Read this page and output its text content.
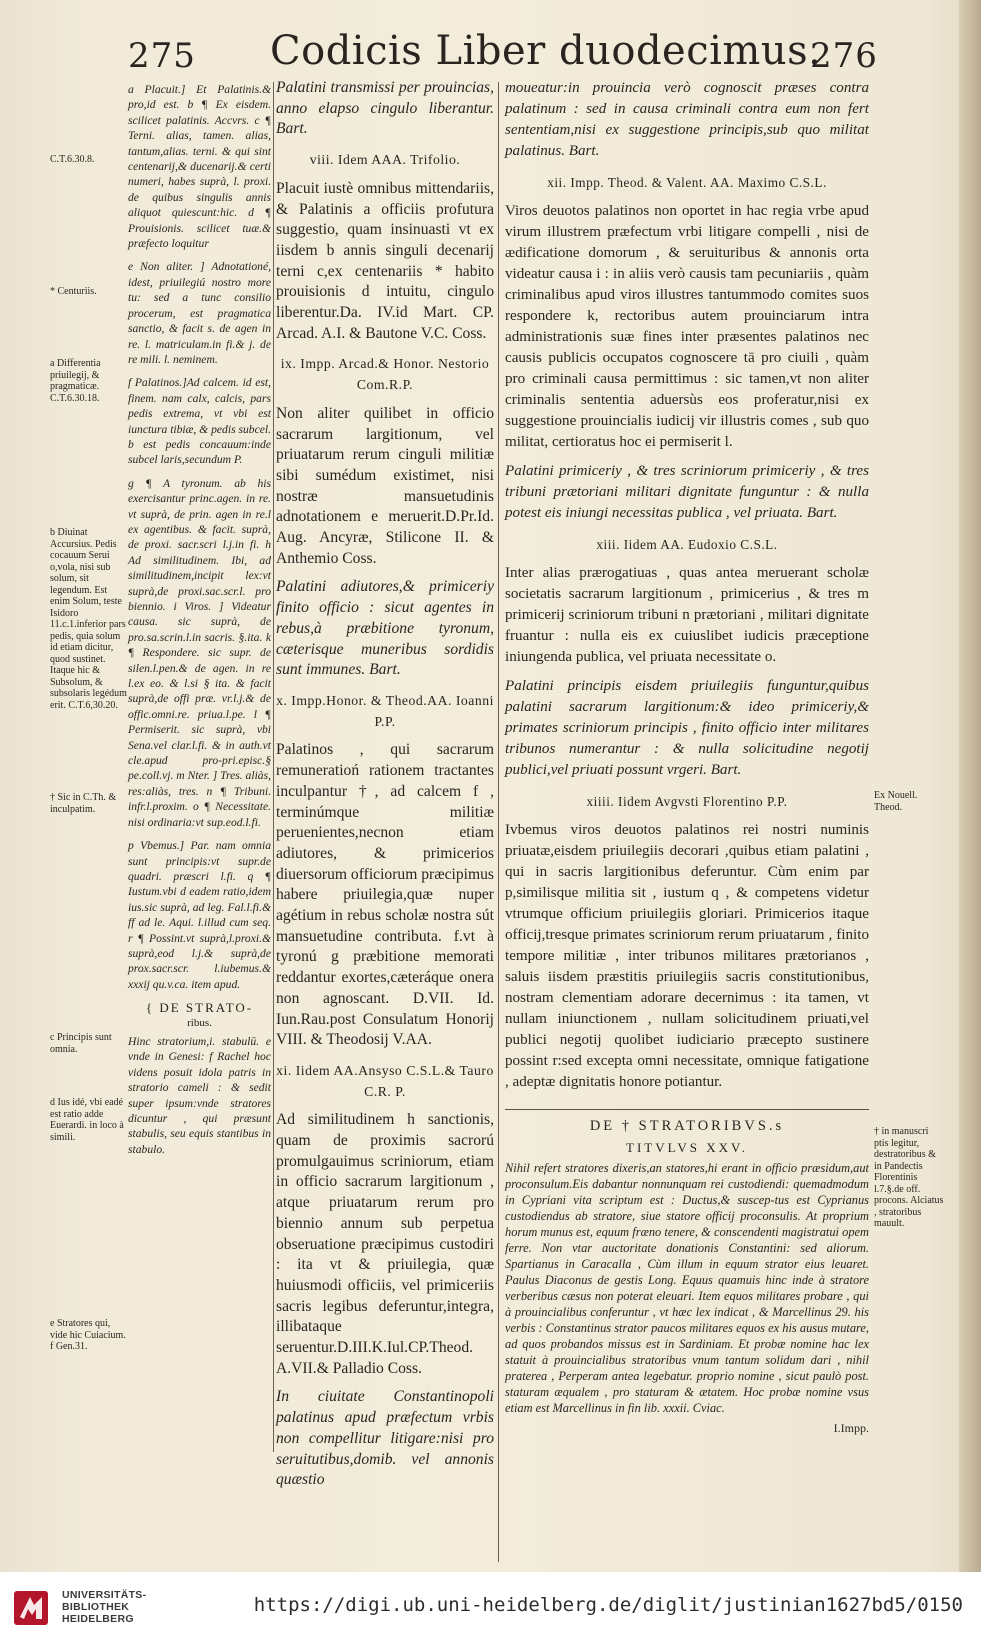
275 Codicis Liber duodecimus.
276
C.T.6.30.8.
* Centuriis.
a Differentia priuilegij, & pragmaticæ. C.T.6.30.18.
b Diuinat Accursius. Pedis cocauum Serui o,vola, nisi sub solum, sit legendum. Est enim Solum, teste Isidoro 11.c.1.inferior pars pedis, quia solum id etiam dicitur, quod sustinet. Itaque hic & Subsolum, & subsolaris legédum erit. C.T.6,30.20.
† Sic in C.Th. & inculpatim.
c Principis sunt omnia.
d Ius idé, vbi eadé est ratio adde Euerardi. in loco à simili.
e Stratores qui, vide hic Cuiacium. f Gen.31.

a Placuit.] Et Palatinis.& pro,id est. b ¶ Ex eisdem. scilicet palatinis. Accvrs. c ¶ Terni. alias, tamen. alias, tantum,alias. terni. & qui sint centenarij,& ducenarij.& certi numeri, habes suprà, l. proxi. de quibus singulis annis aliquot quiescunt:hic. d ¶ Prouisionis. scilicet tuæ.& præfecto loquitur

e Non aliter. ] Adnotationé, idest, priuilegiú nostro more tu: sed a tunc consilio procerum, est pragmatica sanctio, & facit s. de agen in re. l. matriculam.in fi.& j. de re mili. l. neminem.

f Palatinos.]Ad calcem. id est, finem. nam calx, calcis, pars pedis extrema, vt vbi est iunctura tibiæ, & pedis subcel. b est pedis concauum:inde subcel laris,secundum P.

g ¶ A tyronum. ab his exercisantur princ.agen. in re. vt suprà, de prin. agen in re.l ex agentibus. & facit. suprà, de proxi. sacr.scri l.j.in fi. h Ad similitudinem. Ibi, ad similitudinem,incipit lex:vt suprà,de proxi.sac.scr.l. pro biennio. i Viros. ] Videatur causa. sic suprà, de pro.sa.scrin.l.in sacris. §.ita. k ¶ Respondere. sic supr. de silen.l.pen.& de agen. in re l.ex eo. & l.si § ita. & facit suprà,de offi præ. vr.l.j.& de offic.omni.re. priua.l.pe. l ¶ Permiserit. sic suprà, vbi Sena.vel clar.l.fi. & in auth.vt cle.apud pro-pri.episc.§ pe.coll.vj. m Nter. ] Tres. aliàs, res:aliàs, tres. n ¶ Tribuni. infr.l.proxim. o ¶ Necessitate. nisi ordinaria:vt sup.eod.l.fi.

p Vbemus.] Par. nam omnia sunt principis:vt supr.de quadri. præscri l.fi. q ¶ Iustum.vbi d eadem ratio,idem ius.sic suprà, ad leg. Fal.l.fi.& ff ad le. Aqui. l.illud cum seq. r ¶ Possint.vt suprà,l.proxi.& suprà,eod l.j.& suprà,de prox.sacr.scr. l.iubemus.& xxxij qu.v.ca. item apud.

{ DE STRATO-
ribus.

Hinc stratorium,i. stabulū. e vnde in Genesi: f Rachel hoc videns posuit idola patris in stratorio cameli : & sedit super ipsum:vnde stratores dicuntur , qui præsunt stabulis, seu equis stantibus in stabulo.

Palatini transmissi per prouincias, anno elapso cingulo liberantur. Bart.

viii. Idem AAA. Trifolio.

Placuit iustè omnibus mittendariis, & Palatinis a officiis profutura suggestio, quam insinuasti vt ex iisdem b annis singuli decenarij terni c,ex centenariis * habito prouisionis d intuitu, cingulo liberentur.Da. IV.id Mart. CP. Arcad. A.I. & Bautone V.C. Coss.

ix. Impp. Arcad.& Honor. Nestorio Com.R.P.

Non aliter quilibet in officio sacrarum largitionum, vel priuatarum rerum cinguli militiæ sibi sumédum existimet, nisi nostræ mansuetudinis adnotationem e meruerit.D.Pr.Id. Aug. Ancyræ, Stilicone II. & Anthemio Coss.

Palatini adiutores,& primiceriy finito officio : sicut agentes in rebus,à præbitione tyronum, cæterisque muneribus sordidis sunt immunes. Bart.

x. Impp.Honor. & Theod.AA. Ioanni P.P.

Palatinos , qui sacrarum remuneratioń rationem tractantes inculpantur †, ad calcem f , terminúmque militiæ peruenientes,necnon etiam adiutores, & primicerios diuersorum officiorum præcipimus habere priuilegia,quæ nuper agétium in rebus scholæ nostra sút mansuetudine contributa. f.vt à tyronú g præbitione memorati reddantur exortes,cæteráque onera non agnoscant. D.VII. Id. Iun.Rau.post Consulatum Honorij VIII. & Theodosij V.AA.

xi. Iidem AA.Ansyso C.S.L.& Tauro C.R. P.

Ad similitudinem h sanctionis, quam de proximis sacrorú promulgauimus scriniorum, etiam in officio sacrarum largitionum , atque priuatarum rerum pro biennio annum sub perpetua obseruatione præcipimus custodiri : ita vt & priuilegia, quæ huiusmodi officiis, vel primiceriis sacris legibus deferuntur,integra, illibataque seruentur.D.III.K.Iul.CP.Theod. A.VII.& Palladio Coss.

In ciuitate Constantinopoli palatinus apud præfectum vrbis non compellitur litigare:nisi pro seruitutibus,domib. vel annonis quæstio

moueatur:in prouincia verò cognoscit præses contra palatinum : sed in causa criminali contra eum non fert sententiam,nisi ex suggestione principis,sub quo militat palatinus. Bart.

xii. Impp. Theod. & Valent. AA. Maximo C.S.L.

Viros deuotos palatinos non oportet in hac regia vrbe apud virum illustrem præfectum vrbi litigare compelli , nisi de ædificatione domorum , & seruituribus & annonis orta videatur causa i : in aliis verò causis tam pecuniariis , quàm criminalibus apud viros illustres tantummodo comites suos respondere k, rectoribus autem prouinciarum intra administrationis suæ fines inter præsentes palatinos nec causis publicis occupatos cognoscere tā pro ciuili , quàm pro criminali causa permittimus : sic tamen,vt non aliter criminalis sententia aduersùs eos proferatur,nisi ex suggestione prouincialis iudicij vir illustris comes , sub quo militat, certioratus hoc ei permiserit l.

Palatini primiceriy , & tres scriniorum primiceriy , & tres tribuni prætoriani militari dignitate funguntur : & nulla potest eis iniungi necessitas publica , vel priuata. Bart.

xiii. Iidem AA. Eudoxio C.S.L.

Inter alias prærogatiuas , quas antea meruerant scholæ societatis sacrarum largitionum , primicerius , & tres m primicerij scriniorum tribuni n prætoriani , militari dignitate fruantur : nulla eis ex cuiuslibet iudicis præceptione iniungenda publica, vel priuata necessitate o.

Palatini principis eisdem priuilegiis funguntur,quibus palatini sacrarum largitionum:& ideo primiceriy,& primates scriniorum principis , finito officio inter militares tribunos numerantur : & nulla solicitudine negotij publici,vel priuati possunt vrgeri. Bart.

xiiii. Iidem Avgvsti Florentino P.P.

Ivbemus viros deuotos palatinos rei nostri numinis priuatæ,eisdem priuilegiis decorari ,quibus etiam palatini , qui in sacris largitionibus deferuntur. Cùm enim par p,similisque militia sit , iustum q , & competens videtur vtrumque officium priuilegiis gloriari. Primicerios itaque officij,tresque primates scriniorum rerum priuatarum , finito tempore militiæ , inter tribunos militares prætorianos , saluis iisdem præstitis priuilegiis sacris constitutionibus, nostram clementiam adorare decernimus : ita tamen, vt nullam iniunctionem , nullam solicitudinem priuati,vel publici negotij quolibet iudiciario præcepto sustinere possint r:sed excepta omni necessitate, omnique fatigatione , adeptæ dignitatis honore potiantur.

DE † STRATORIBVS.s
TITVLVS XXV.

Nihil refert stratores dixeris,an statores,hi erant in officio præsidum,aut proconsulum.Eis dabantur nonnunquam rei custodiendi: quemadmodum in Cypriani vita scriptum est : Ductus,& suscep-tus est Cyprianus custodiendus ab stratore, siue statore officij proconsulis. At proprium horum munus est, equum fræno tenere, & conscendenti magistratui opem ferre. Non vtar auctoritate donationis Constantini: sed aliorum. Spartianus in Caracalla , Cùm illum in equum strator eius leuaret. Paulus Diaconus de gestis Long. Equus quamuis hinc inde à stratore verberibus cæsus non poterat eleuari. Item equos militares probare , qui à prouincialibus conferuntur , vt hæc lex indicat , & Marcellinus 29. his verbis : Constantinus strator paucos militares equos ex his ausus mutare, ad quos probandos missus est in Sardiniam. Et probæ nomine hac lex statuit à prouincialibus stratoribus vnum tantum solidum dari , nihil praterea , Perperam antea legebatur. proprio nomine , sicut paulò post. staturam æqualem , pro staturam & ætatem. Hoc probæ nomine vsus etiam est Marcellinus in fin lib. xxxii. Cviac.

I.Impp.
Ex Nouell. Theod.
† in manuscri ptis legitur, destratoribus & in Pandectis Florentinis l.7.§.de off. procons. Alciatus , stratoribus mauult.
UNIVERSITÄTS-
BIBLIOTHEK
HEIDELBERG
https://digi.ub.uni-heidelberg.de/diglit/justinian1627bd5/0150
